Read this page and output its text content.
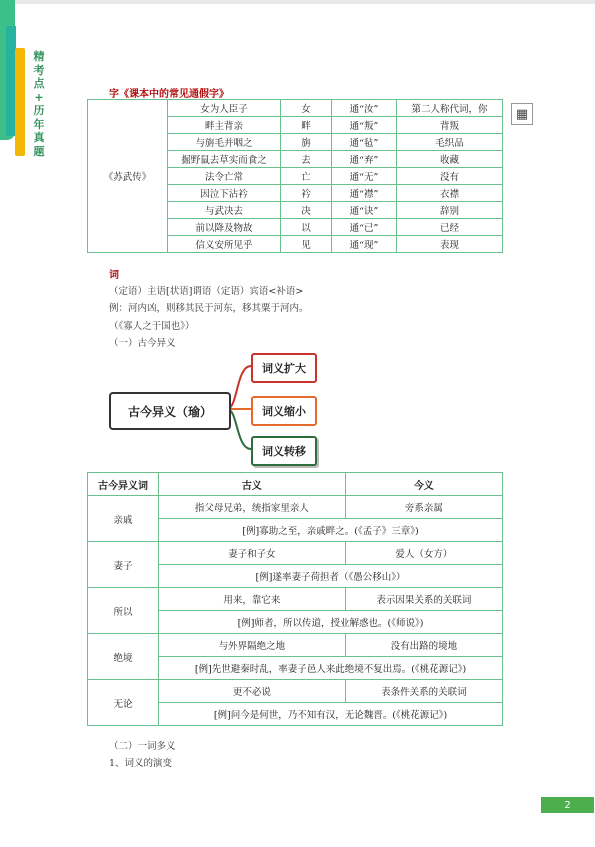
精
考
点
+
历
年
真
题
字《课本中的常见通假字》
《苏武传》	女为人臣子	女	通“汝”	第二人称代词，你
	畔主背亲	畔	通“叛”	背叛
	与旃毛并咽之	旃	通“毡”	毛织品
	掘野鼠去草实而食之	去	通“弃”	收藏
	法令亡常	亡	通“无”	没有
	因泣下沾衿	衿	通“襟”	衣襟
	与武决去	决	通“诀”	辞别
	前以降及物故	以	通“已”	已经
	信义安所见乎	见	通“现”	表现
▦
词
（定语）主语[状语]谓语（定语）宾语<补语>
例：河内凶，则移其民于河东，移其粟于河内。
（《寡人之于国也》）
（一）古今异义
古今异义（瑜）
词义扩大
词义缩小
词义转移
古今异义词	古义	今义
亲戚	指父母兄弟，统指家里亲人	旁系亲属
	[例]寡助之至，亲戚畔之。(《孟子》三章》)	
妻子	妻子和子女	爱人（女方）
	[例]遂率妻子荷担者（《愚公移山》）	
所以	用来，靠它来	表示因果关系的关联词
	[例]师者，所以传道，授业解惑也。(《师说》)	
绝境	与外界隔绝之地	没有出路的境地
	[例]先世避秦时乱，率妻子邑人来此绝境不复出焉。(《桃花源记》)	
无论	更不必说	表条件关系的关联词
	[例]问今是何世，乃不知有汉，无论魏晋。(《桃花源记》)	
（二）一词多义
1、词义的演变
2
